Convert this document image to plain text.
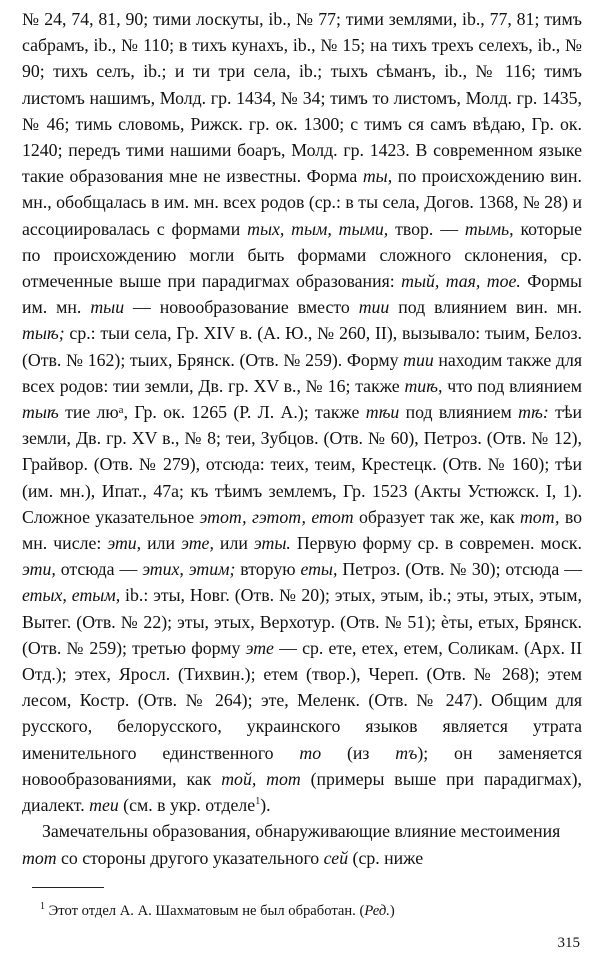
№ 24, 74, 81, 90; тими лоскуты, ib., № 77; тими землями, ib., 77, 81; тимъ сабрамъ, ib., № 110; в тихъ кунахъ, ib., № 15; на тихъ трехъ селехъ, ib., № 90; тихъ селъ, ib.; и ти три села, ib.; тыхъ сѣманъ, ib., № 116; тимъ листомъ нашимъ, Молд. гр. 1434, № 34; тимъ то листомъ, Молд. гр. 1435, № 46; тимь словомь, Рижск. гр. ок. 1300; с тимъ ся самъ вѣдаю, Гр. ок. 1240; передъ тими нашими боаръ, Молд. гр. 1423. В современном языке такие образования мне не известны. Форма ты, по происхождению вин. мн., обобщалась в им. мн. всех родов (ср.: в ты села, Догов. 1368, № 28) и ассоциировалась с формами тых, тым, тыми, твор. — тымь, которые по происхождению могли быть формами сложного склонения, ср. отмеченные выше при парадигмах образования: тый, тая, тое. Формы им. мн. тыи — новообразование вместо тии под влиянием вин. мн. тыѣ; ср.: тыи села, Гр. XIV в. (А. Ю., № 260, II), вызывало: тыим, Белоз. (Отв. № 162); тыих, Брянск. (Отв. № 259). Форму тии находим также для всех родов: тии земли, Дв. гр. XV в., № 16; также тиѣ, что под влиянием тыѣ тие люᵃ, Гр. ок. 1265 (Р. Л. А.); также тѣи под влиянием тѣ: тѣи земли, Дв. гр. XV в., № 8; теи, Зубцов. (Отв. № 60), Петроз. (Отв. № 12), Грайвор. (Отв. № 279), отсюда: теих, теим, Крестецк. (Отв. № 160); тѣи (им. мн.), Ипат., 47а; къ тѣимъ землемъ, Гр. 1523 (Акты Устюжск. I, 1). Сложное указательное этот, гэтот, етот образует так же, как тот, во мн. числе: эти, или эте, или эты. Первую форму ср. в современ. моск. эти, отсюда — этих, этим; вторую еты, Петроз. (Отв. № 30); отсюда — етых, етым, ib.: эты, Новг. (Отв. № 20); этых, этым, ib.; эты, этых, этым, Вытег. (Отв. № 22); эты, этых, Верхотур. (Отв. № 51); ѐты, етых, Брянск. (Отв. № 259); третью форму эте — ср. ете, етех, етем, Соликам. (Арх. II Отд.); этех, Яросл. (Тихвин.); етем (твор.), Череп. (Отв. № 268); этем лесом, Костр. (Отв. № 264); эте, Меленк. (Отв. № 247). Общим для русского, белорусского, украинского языков является утрата именительного единственного то (из тъ); он заменяется новообразованиями, как той, тот (примеры выше при парадигмах), диалект. теи (см. в укр. отделе$^1$).

Замечательны образования, обнаруживающие влияние местоимения тот со стороны другого указательного сей (ср. ниже

$^1$ Этот отдел А. А. Шахматовым не был обработан. (Ред.)
315
